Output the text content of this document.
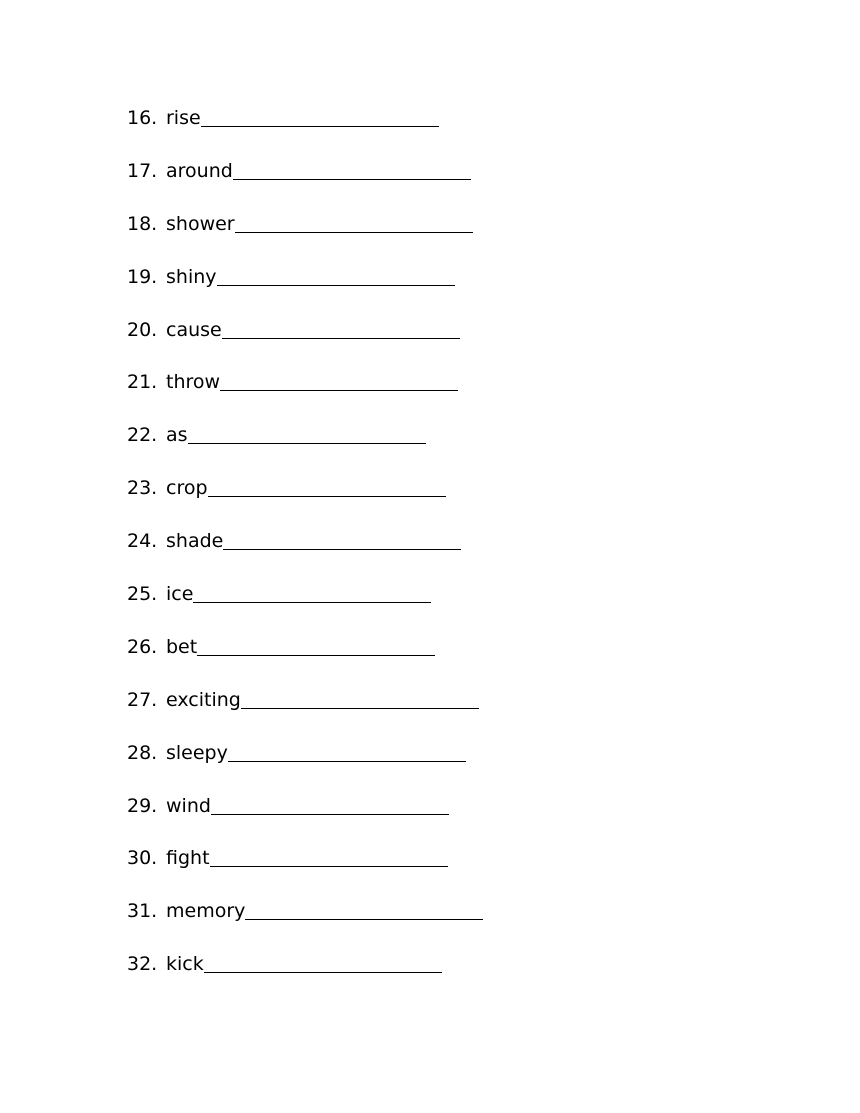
16. rise
17. around
18. shower
19. shiny
20. cause
21. throw
22. as
23. crop
24. shade
25. ice
26. bet
27. exciting
28. sleepy
29. wind
30. fight
31. memory
32. kick
